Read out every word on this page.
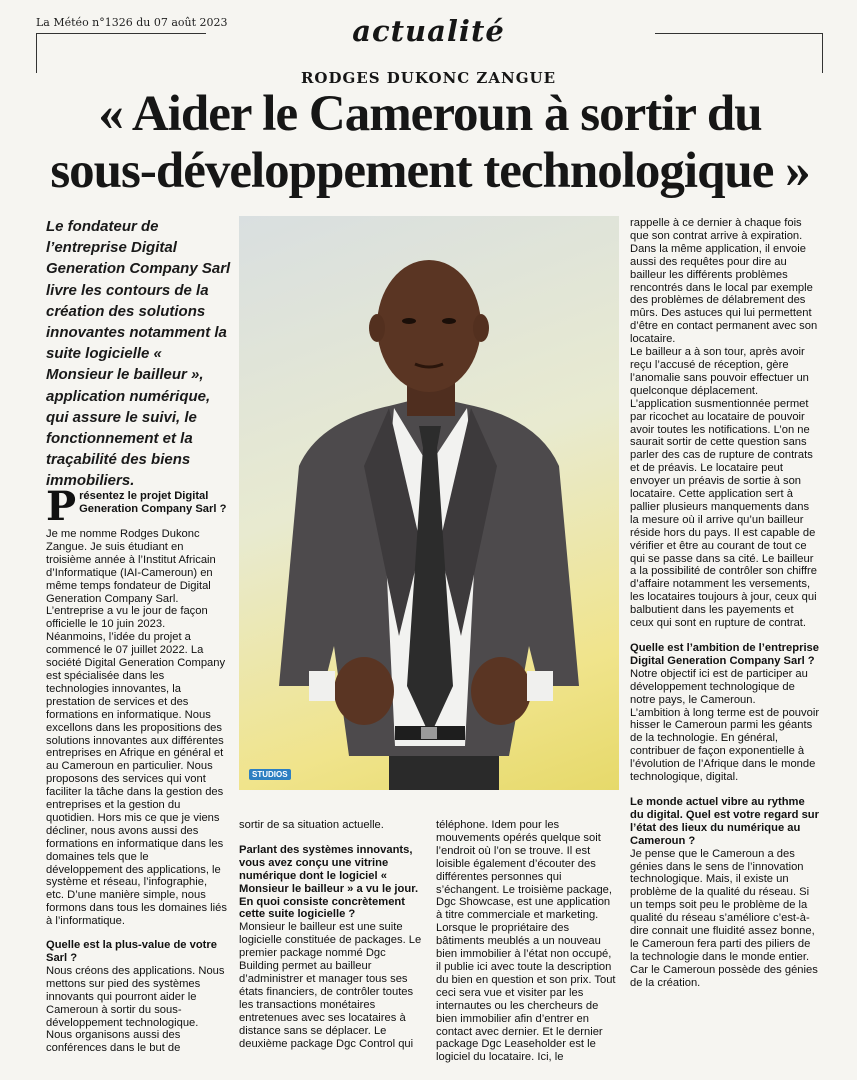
La Météo n°1326 du 07 août 2023	actualité
RODGES DUKONC ZANGUE
« Aider le Cameroun à sortir du
sous-développement technologique »
Le fondateur de l’entreprise Digital Generation Company Sarl livre les contours de la création des solutions innovantes notamment la suite logicielle « Monsieur le bailleur », application numérique, qui assure le suivi, le fonctionnement et la traçabilité des biens immobiliers.
STUDIOS

P résentez le projet Digital Generation Company Sarl ?

Je me nomme Rodges Dukonc Zangue. Je suis étudiant en troisième année à l’Institut Africain d’Informatique (IAI-Cameroun) en même temps fondateur de Digital Generation Company Sarl.

L’entreprise a vu le jour de façon officielle le 10 juin 2023.

Néanmoins, l’idée du projet a commencé le 07 juillet 2022. La société Digital Generation Company est spécialisée dans les technologies innovantes, la prestation de services et des formations en informatique. Nous excellons dans les propositions des solutions innovantes aux différentes entreprises en Afrique en général et au Cameroun en particulier. Nous proposons des services qui vont faciliter la tâche dans la gestion des entreprises et la gestion du quotidien. Hors mis ce que je viens décliner, nous avons aussi des formations en informatique dans les domaines tels que le développement des applications, le système et réseau, l’infographie, etc. D’une manière simple, nous formons dans tous les domaines liés à l’informatique.

Quelle est la plus-value de votre Sarl ?

Nous créons des applications. Nous mettons sur pied des systèmes innovants qui pourront aider le Cameroun à sortir du sous-développement technologique.

Nous organisons aussi des conférences dans le but de

sortir de sa situation actuelle.

Parlant des systèmes innovants, vous avez conçu une vitrine numérique dont le logiciel « Monsieur le bailleur » a vu le jour. En quoi consiste concrètement cette suite logicielle ?

Monsieur le bailleur est une suite logicielle constituée de packages. Le premier package nommé Dgc Building permet au bailleur d’administrer et manager tous ses états financiers, de contrôler toutes les transactions monétaires entretenues avec ses locataires à distance sans se déplacer. Le deuxième package Dgc Control qui

téléphone. Idem pour les mouvements opérés quelque soit l’endroit où l’on se trouve. Il est loisible également d’écouter des différentes personnes qui s’échangent. Le troisième package, Dgc Showcase, est une application à titre commerciale et marketing. Lorsque le propriétaire des bâtiments meublés a un nouveau bien immobilier à l’état non occupé, il publie ici avec toute la description du bien en question et son prix. Tout ceci sera vue et visiter par les internautes ou les chercheurs de bien immobilier afin d’entrer en contact avec dernier. Et le dernier package Dgc Leaseholder est le logiciel du locataire. Ici, le

rappelle à ce dernier à chaque fois que son contrat arrive à expiration. Dans la même application, il envoie aussi des requêtes pour dire au bailleur les différents problèmes rencontrés dans le local par exemple des problèmes de délabrement des mûrs. Des astuces qui lui permettent d’être en contact permanent avec son locataire.

Le bailleur a à son tour, après avoir reçu l’accusé de réception, gère l’anomalie sans pouvoir effectuer un quelconque déplacement.

L’application susmentionnée permet par ricochet au locataire de pouvoir avoir toutes les notifications. L’on ne saurait sortir de cette question sans parler des cas de rupture de contrats et de préavis. Le locataire peut envoyer un préavis de sortie à son locataire. Cette application sert à pallier plusieurs manquements dans la mesure où il arrive qu’un bailleur réside hors du pays. Il est capable de vérifier et être au courant de tout ce qui se passe dans sa cité. Le bailleur a la possibilité de contrôler son chiffre d’affaire notamment les versements, les locataires toujours à jour, ceux qui balbutient dans les payements et ceux qui sont en rupture de contrat.

Quelle est l’ambition de l’entreprise Digital Generation Company Sarl ?

Notre objectif ici est de participer au développement technologique de notre pays, le Cameroun.

L’ambition à long terme est de pouvoir hisser le Cameroun parmi les géants de la technologie. En général, contribuer de façon exponentielle à l’évolution de l’Afrique dans le monde technologique, digital.

Le monde actuel vibre au rythme du digital. Quel est votre regard sur l’état des lieux du numérique au Cameroun ?

Je pense que le Cameroun a des génies dans le sens de l’innovation technologique. Mais, il existe un problème de la qualité du réseau. Si un temps soit peu le problème de la qualité du réseau s’améliore c’est-à-dire connait une fluidité assez bonne, le Cameroun fera parti des piliers de la technologie dans le monde entier. Car le Cameroun possède des génies de la création.
